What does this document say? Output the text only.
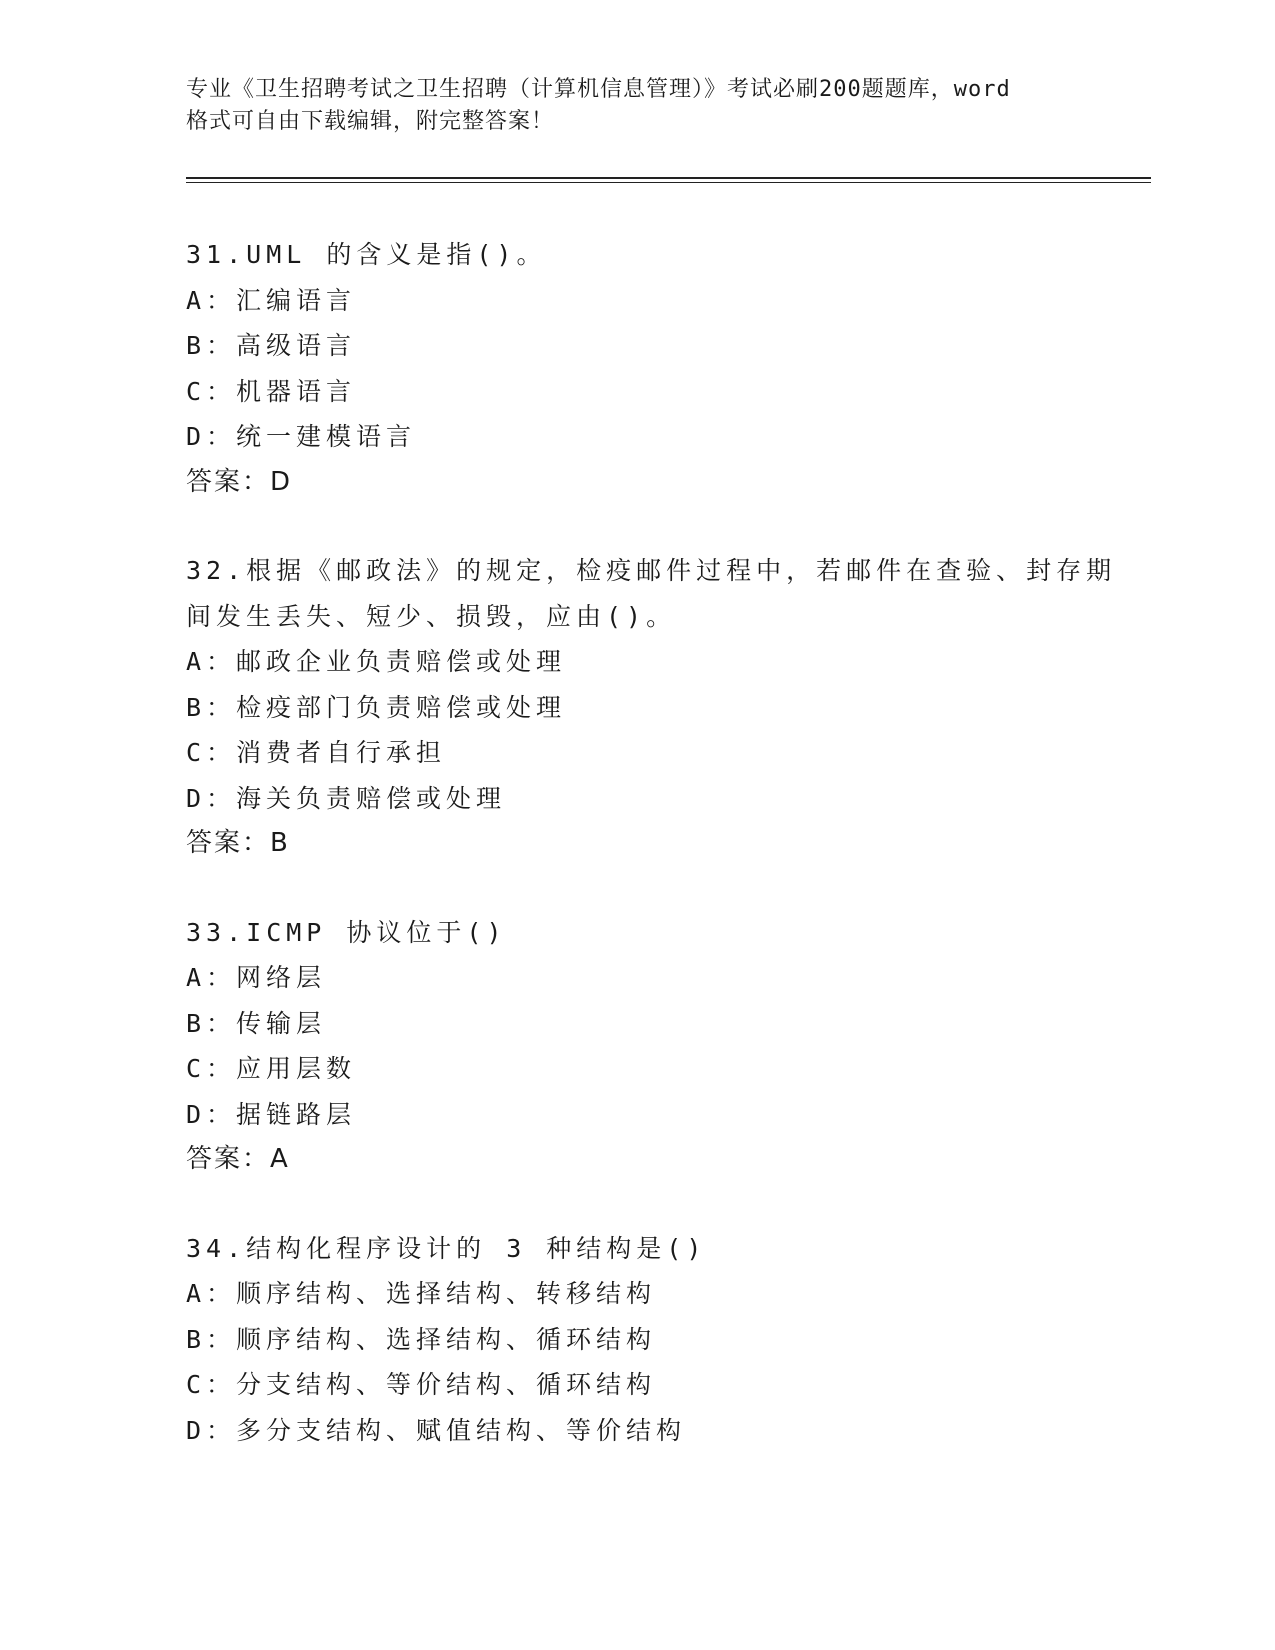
专业《卫生招聘考试之卫生招聘（计算机信息管理）》考试必刷200题题库，word
格式可自由下载编辑，附完整答案！
31.UML 的含义是指()。
A：汇编语言
B：高级语言
C：机器语言
D：统一建模语言
答案：D
32.根据《邮政法》的规定，检疫邮件过程中，若邮件在查验、封存期
间发生丢失、短少、损毁，应由()。
A：邮政企业负责赔偿或处理
B：检疫部门负责赔偿或处理
C：消费者自行承担
D：海关负责赔偿或处理
答案：B
33.ICMP 协议位于()
A：网络层
B：传输层
C：应用层数
D：据链路层
答案：A
34.结构化程序设计的 3 种结构是()
A：顺序结构、选择结构、转移结构
B：顺序结构、选择结构、循环结构
C：分支结构、等价结构、循环结构
D：多分支结构、赋值结构、等价结构
